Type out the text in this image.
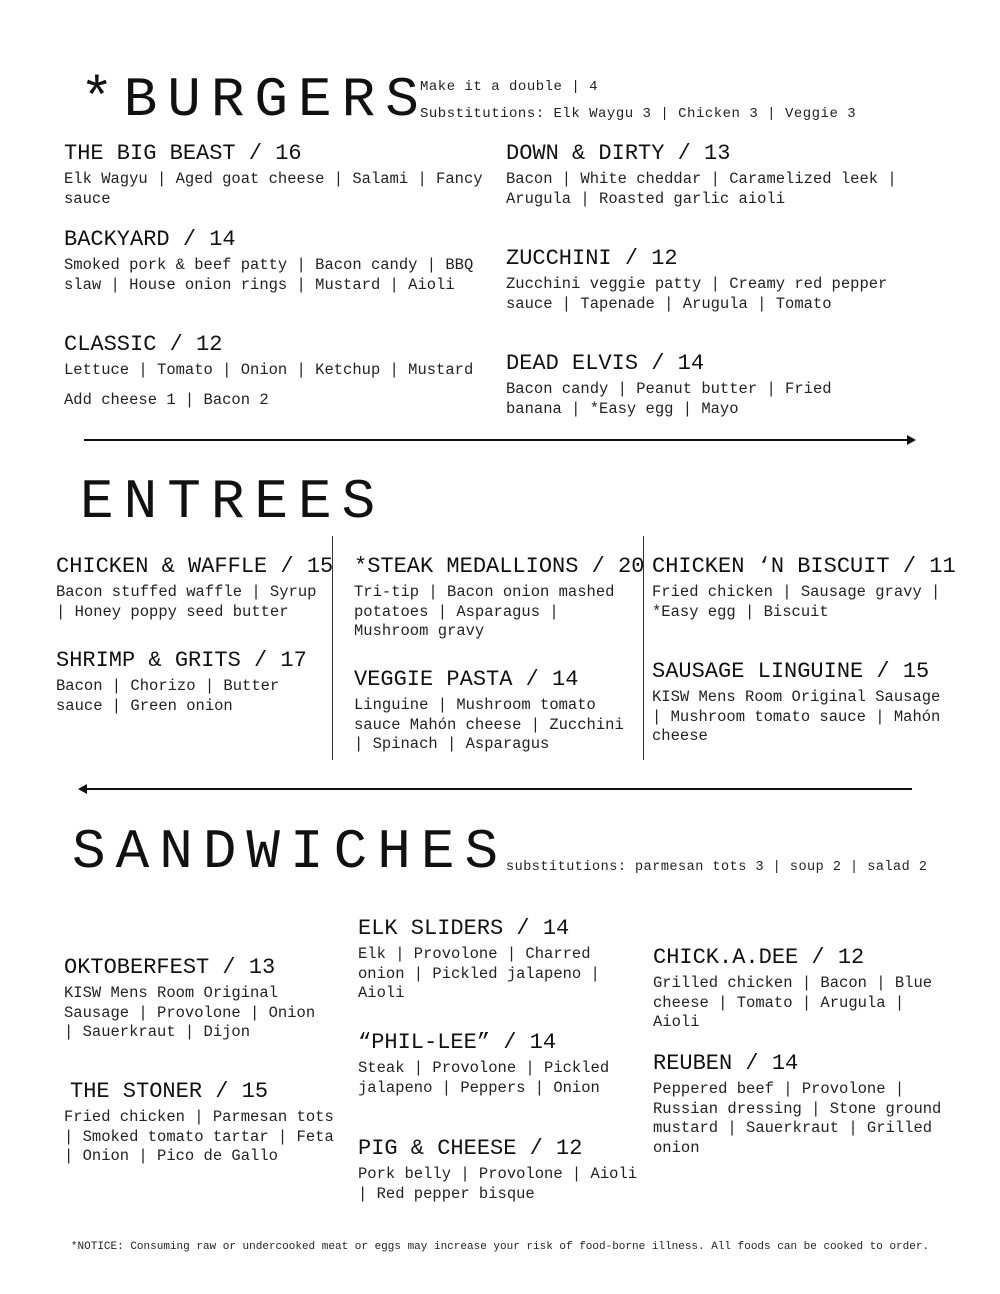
*BURGERS
Make it a double | 4
Substitutions: Elk Waygu 3 | Chicken 3 | Veggie 3
THE BIG BEAST / 16
Elk Wagyu | Aged goat cheese | Salami | Fancy sauce
BACKYARD / 14
Smoked pork & beef patty | Bacon candy | BBQ slaw | House onion rings | Mustard | Aioli
CLASSIC / 12
Lettuce | Tomato | Onion | Ketchup | Mustard
Add cheese 1 | Bacon 2
DOWN & DIRTY / 13
Bacon | White cheddar | Caramelized leek | Arugula | Roasted garlic aioli
ZUCCHINI / 12
Zucchini veggie patty | Creamy red pepper sauce | Tapenade | Arugula | Tomato
DEAD ELVIS / 14
Bacon candy | Peanut butter | Fried banana | *Easy egg | Mayo
ENTREES
CHICKEN & WAFFLE / 15
Bacon stuffed waffle | Syrup | Honey poppy seed butter
SHRIMP & GRITS / 17
Bacon | Chorizo | Butter sauce | Green onion
*STEAK MEDALLIONS / 20
Tri-tip | Bacon onion mashed potatoes | Asparagus | Mushroom gravy
VEGGIE PASTA / 14
Linguine | Mushroom tomato sauce Mahón cheese | Zucchini | Spinach | Asparagus
CHICKEN ‘N BISCUIT / 11
Fried chicken | Sausage gravy | *Easy egg | Biscuit
SAUSAGE LINGUINE / 15
KISW Mens Room Original Sausage | Mushroom tomato sauce | Mahón cheese
SANDWICHES
substitutions: parmesan tots 3 | soup 2 | salad 2
OKTOBERFEST / 13
KISW Mens Room Original Sausage | Provolone | Onion | Sauerkraut | Dijon
THE STONER / 15
Fried chicken | Parmesan tots | Smoked tomato tartar | Feta | Onion | Pico de Gallo
ELK SLIDERS / 14
Elk | Provolone | Charred onion | Pickled jalapeno | Aioli
“PHIL-LEE” / 14
Steak | Provolone | Pickled jalapeno | Peppers | Onion
PIG & CHEESE / 12
Pork belly | Provolone | Aioli | Red pepper bisque
CHICK.A.DEE / 12
Grilled chicken | Bacon | Blue cheese | Tomato | Arugula | Aioli
REUBEN / 14
Peppered beef | Provolone | Russian dressing | Stone ground mustard | Sauerkraut | Grilled onion
*NOTICE: Consuming raw or undercooked meat or eggs may increase your risk of food-borne illness. All foods can be cooked to order.
